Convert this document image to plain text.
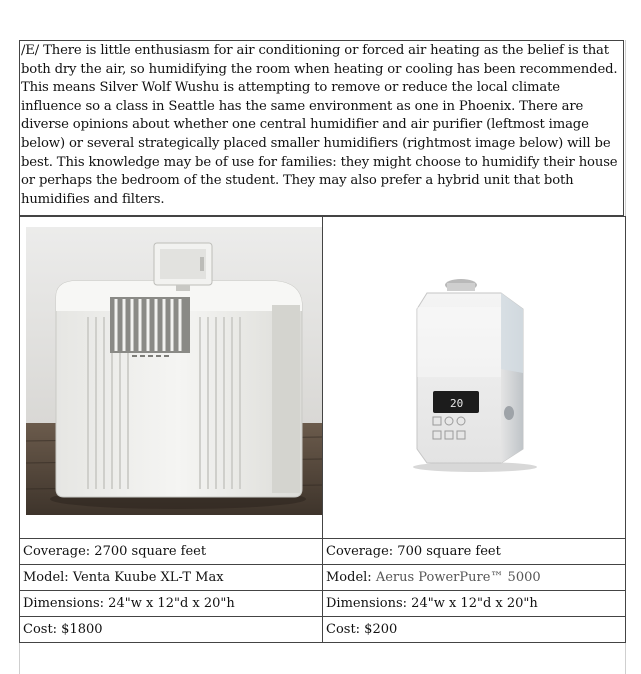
/E/ There is little enthusiasm for air conditioning or forced air heating as the belief is that both dry the air, so humidifying the room when heating or cooling has been recommended. This means Silver Wolf Wushu is attempting to remove or reduce the local climate influence so a class in Seattle has the same environment as one in Phoenix. There are diverse opinions about whether one central humidifier and air purifier (leftmost image below) or several strategically placed smaller humidifiers (rightmost image below) will be best. This knowledge may be of use for families: they might choose to humidify their house or perhaps the bedroom of the student. They may also prefer a hybrid unit that both humidifies and filters.

20

Coverage: 2700 square feet	Coverage: 700 square feet
Model: Venta Kuube XL-T Max	Model: Aerus PowerPure™ 5000
Dimensions: 24"w x 12"d x 20"h	Dimensions: 24"w x 12"d x 20"h
Cost: $1800	Cost: $200
